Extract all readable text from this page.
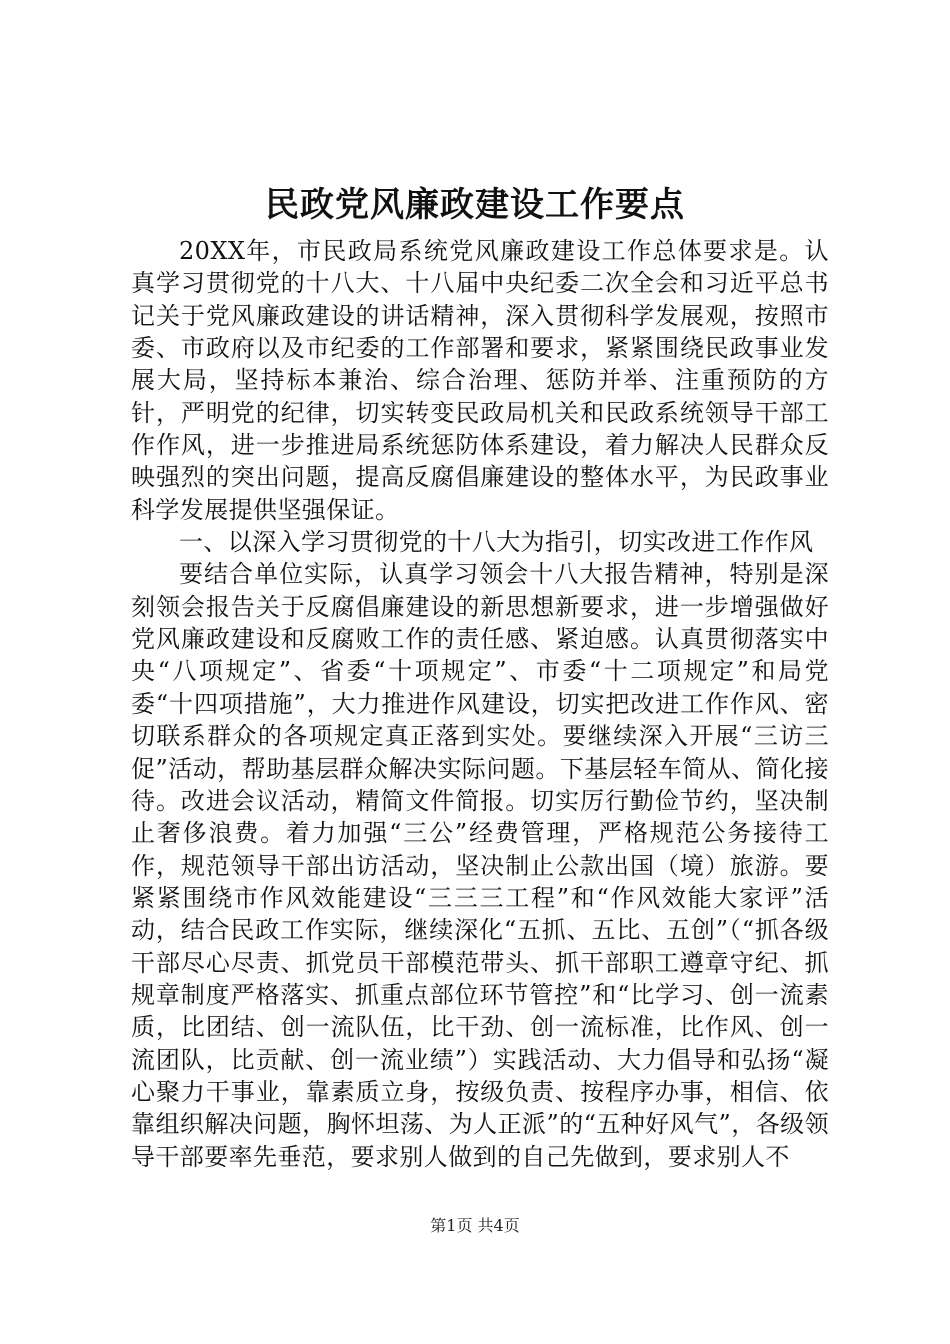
民政党风廉政建设工作要点

20XX年，市民政局系统党风廉政建设工作总体要求是。认真学习贯彻党的十八大、十八届中央纪委二次全会和习近平总书记关于党风廉政建设的讲话精神，深入贯彻科学发展观，按照市委、市政府以及市纪委的工作部署和要求，紧紧围绕民政事业发展大局，坚持标本兼治、综合治理、惩防并举、注重预防的方针，严明党的纪律，切实转变民政局机关和民政系统领导干部工作作风，进一步推进局系统惩防体系建设，着力解决人民群众反映强烈的突出问题，提高反腐倡廉建设的整体水平，为民政事业科学发展提供坚强保证。

一、以深入学习贯彻党的十八大为指引，切实改进工作作风

要结合单位实际，认真学习领会十八大报告精神，特别是深刻领会报告关于反腐倡廉建设的新思想新要求，进一步增强做好党风廉政建设和反腐败工作的责任感、紧迫感。认真贯彻落实中央“八项规定”、省委“十项规定”、市委“十二项规定”和局党委“十四项措施”，大力推进作风建设，切实把改进工作作风、密切联系群众的各项规定真正落到实处。要继续深入开展“三访三促”活动，帮助基层群众解决实际问题。下基层轻车简从、简化接待。改进会议活动，精简文件简报。切实厉行勤俭节约，坚决制止奢侈浪费。着力加强“三公”经费管理，严格规范公务接待工作，规范领导干部出访活动，坚决制止公款出国（境）旅游。要紧紧围绕市作风效能建设“三三三工程”和“作风效能大家评”活动，结合民政工作实际，继续深化“五抓、五比、五创”（“抓各级干部尽心尽责、抓党员干部模范带头、抓干部职工遵章守纪、抓规章制度严格落实、抓重点部位环节管控”和“比学习、创一流素质，比团结、创一流队伍，比干劲、创一流标准，比作风、创一流团队，比贡献、创一流业绩”）实践活动、大力倡导和弘扬“凝心聚力干事业，靠素质立身，按级负责、按程序办事，相信、依靠组织解决问题，胸怀坦荡、为人正派”的“五种好风气”，各级领导干部要率先垂范，要求别人做到的自己先做到，要求别人不

第1页 共4页
